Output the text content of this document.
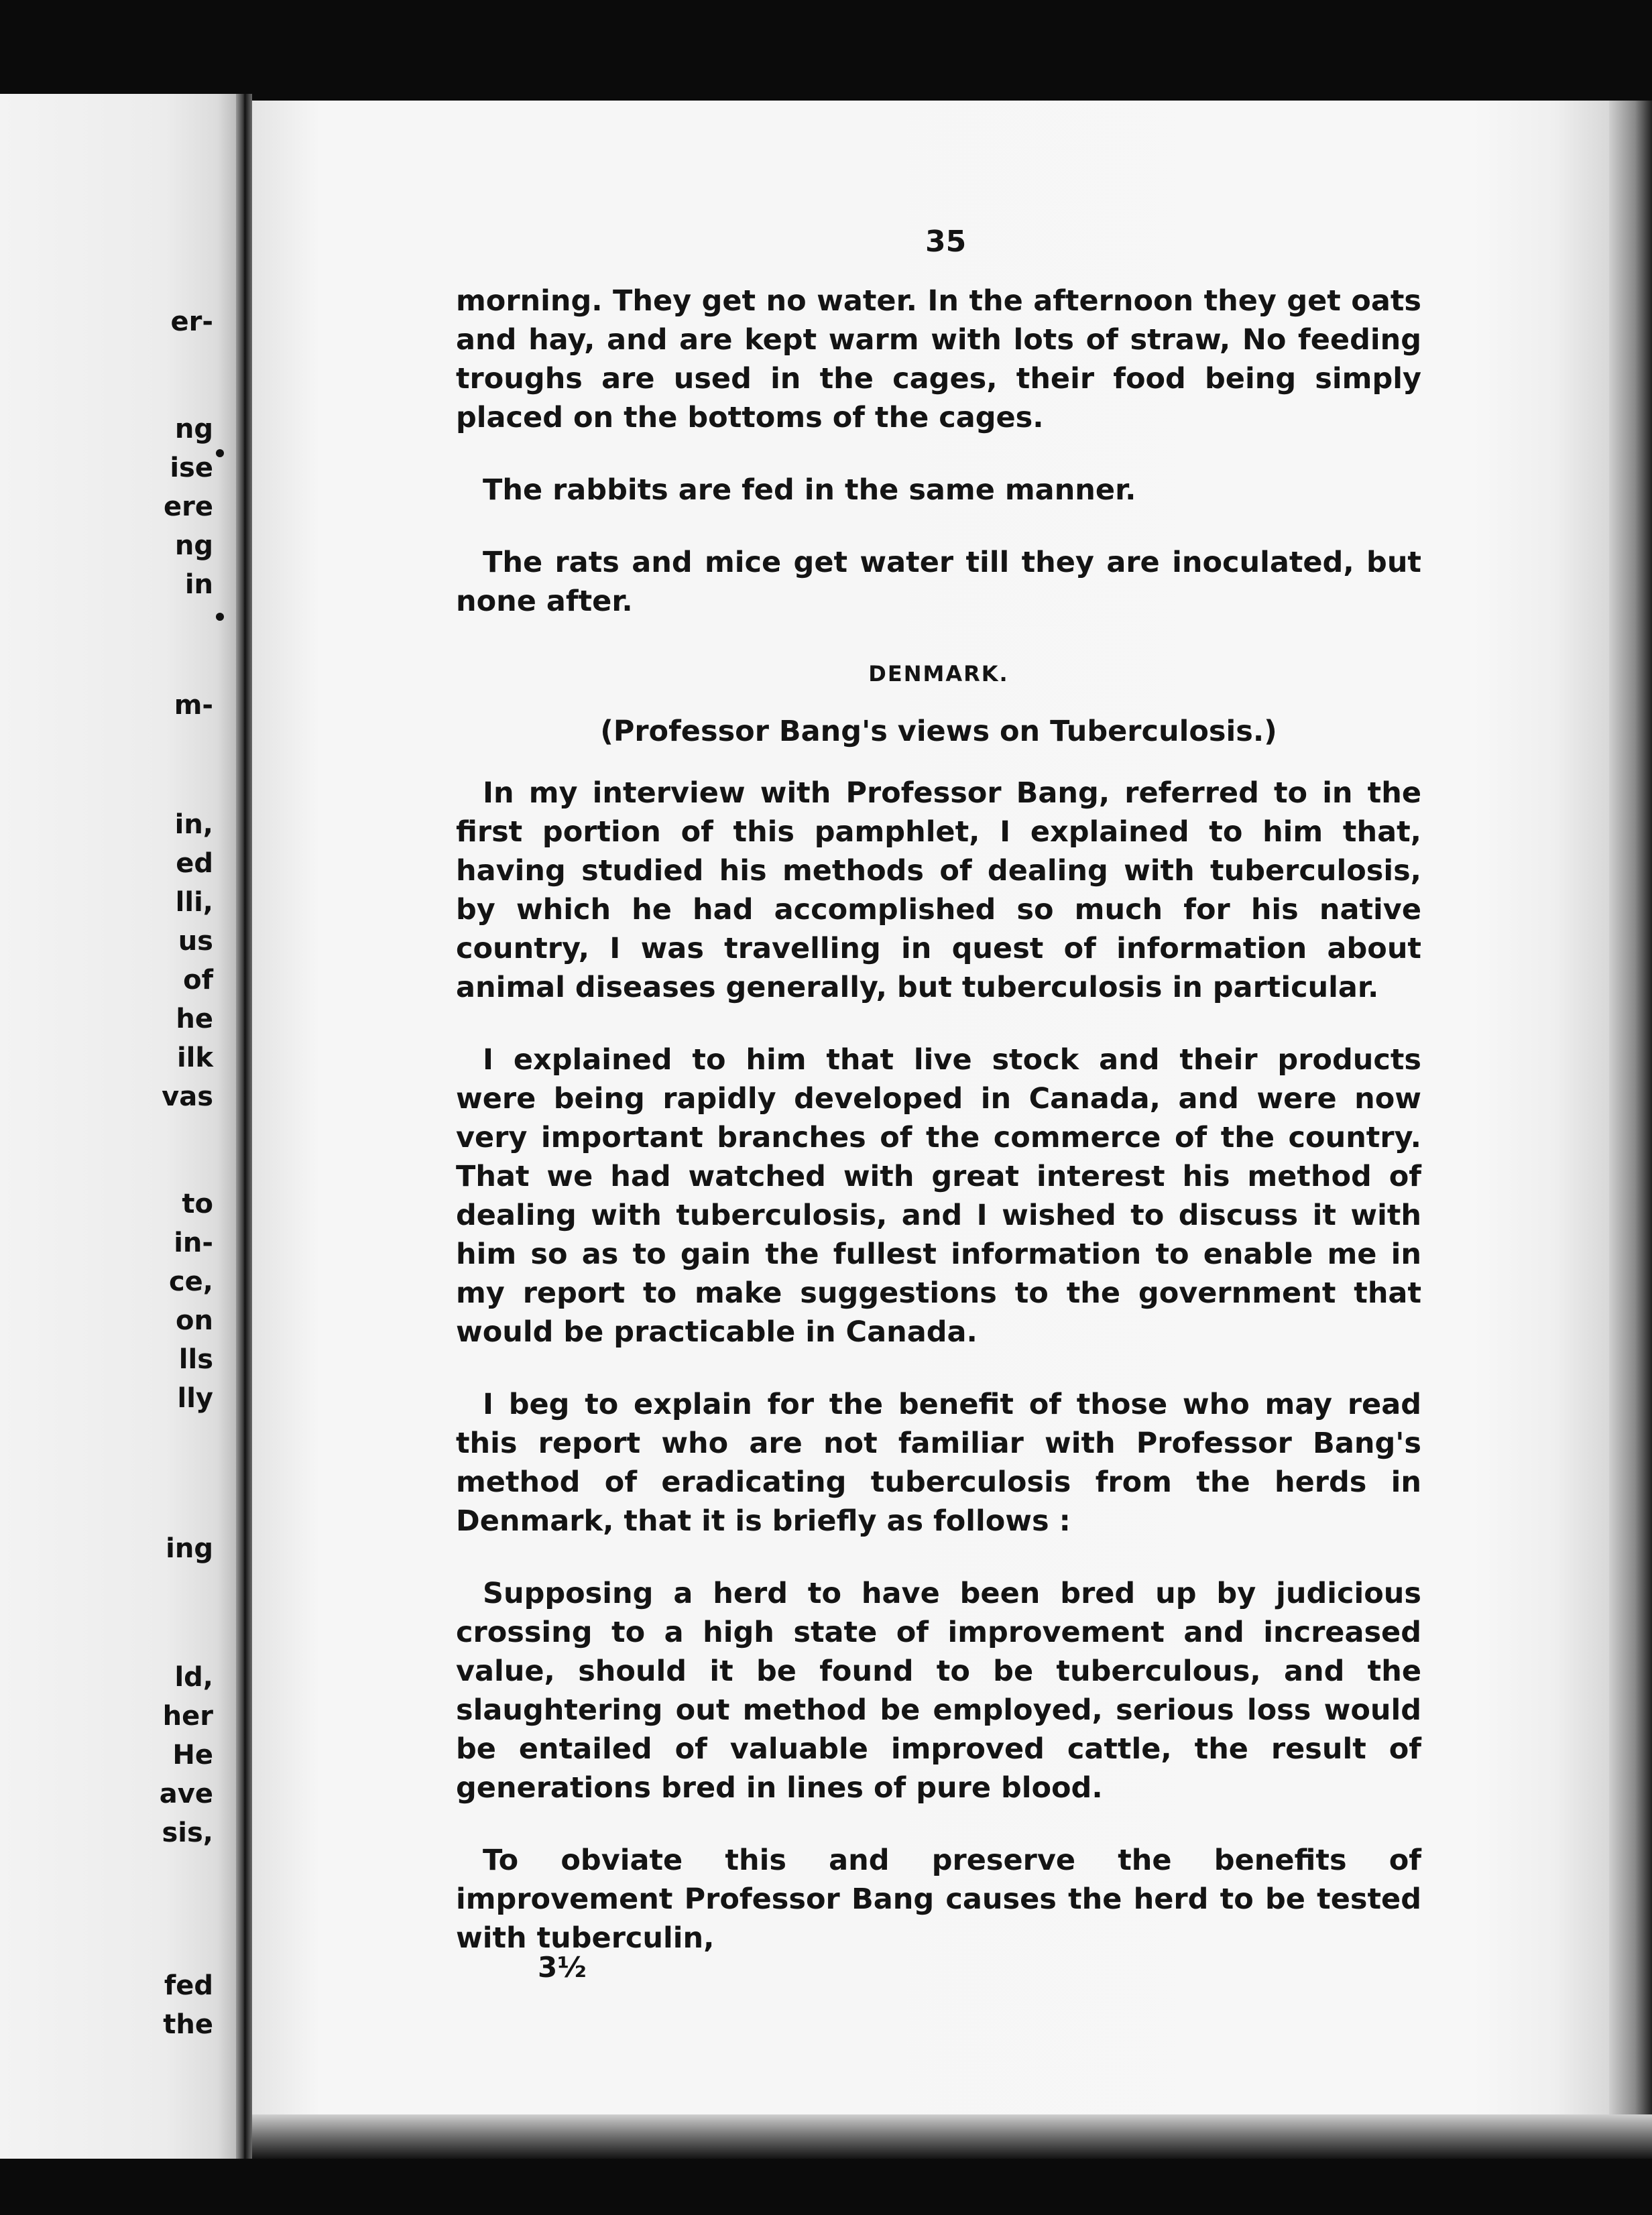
er-
ng
ise
ere
ng
in
m-
in,
ed
lli,
us
of
he
ilk
vas
to
in-
ce,
on
lls
lly
ing
ld,
her
He
ave
sis,
fed
the
35

morning. They get no water. In the afternoon they get oats and hay, and are kept warm with lots of straw, No feeding troughs are used in the cages, their food being simply placed on the bottoms of the cages.

The rabbits are fed in the same manner.

The rats and mice get water till they are inoculated, but none after.

DENMARK.
(Professor Bang's views on Tuberculosis.)

In my interview with Professor Bang, referred to in the first portion of this pamphlet, I explained to him that, having studied his methods of dealing with tuberculosis, by which he had accomplished so much for his native country, I was travelling in quest of information about animal diseases generally, but tuberculosis in particular.

I explained to him that live stock and their products were being rapidly developed in Canada, and were now very important branches of the commerce of the country. That we had watched with great interest his method of dealing with tuberculosis, and I wished to discuss it with him so as to gain the fullest information to enable me in my report to make suggestions to the government that would be practicable in Canada.

I beg to explain for the benefit of those who may read this report who are not familiar with Professor Bang's method of eradicating tuberculosis from the herds in Denmark, that it is briefly as follows :

Supposing a herd to have been bred up by judicious crossing to a high state of improvement and increased value, should it be found to be tuberculous, and the slaughtering out method be employed, serious loss would be entailed of valuable improved cattle, the result of generations bred in lines of pure blood.

To obviate this and preserve the benefits of improvement Professor Bang causes the herd to be tested with tuberculin,

3½
